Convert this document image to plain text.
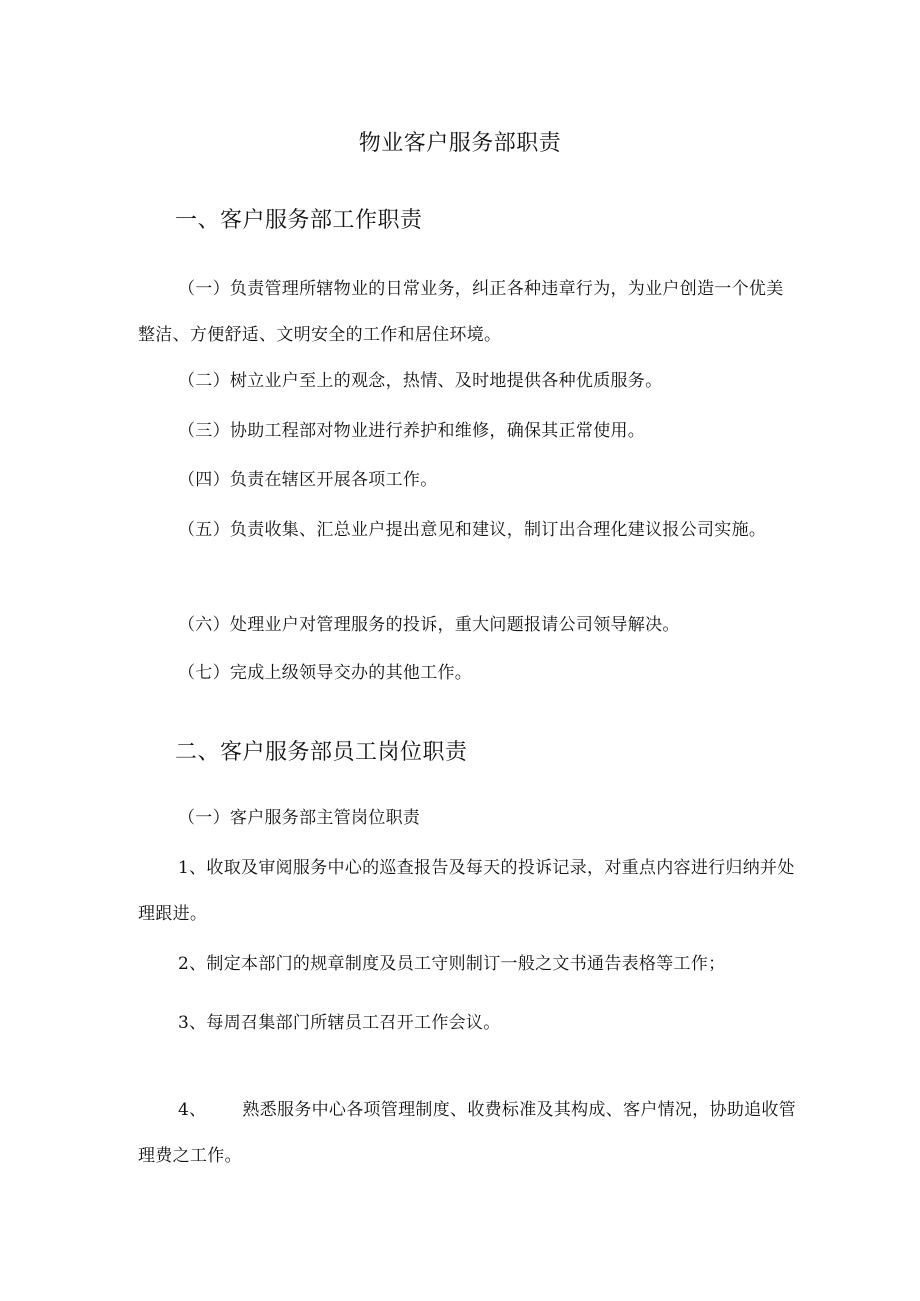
物业客户服务部职责
一、客户服务部工作职责
（一）负责管理所辖物业的日常业务，纠正各种违章行为，为业户创造一个优美整洁、方便舒适、文明安全的工作和居住环境。
（二）树立业户至上的观念，热情、及时地提供各种优质服务。
（三）协助工程部对物业进行养护和维修，确保其正常使用。
（四）负责在辖区开展各项工作。
（五）负责收集、汇总业户提出意见和建议，制订出合理化建议报公司实施。
（六）处理业户对管理服务的投诉，重大问题报请公司领导解决。
（七）完成上级领导交办的其他工作。
二、客户服务部员工岗位职责
（一）客户服务部主管岗位职责
1、收取及审阅服务中心的巡查报告及每天的投诉记录，对重点内容进行归纳并处理跟进。
2、制定本部门的规章制度及员工守则制订一般之文书通告表格等工作；
3、每周召集部门所辖员工召开工作会议。
4、 熟悉服务中心各项管理制度、收费标准及其构成、客户情况，协助追收管理费之工作。
